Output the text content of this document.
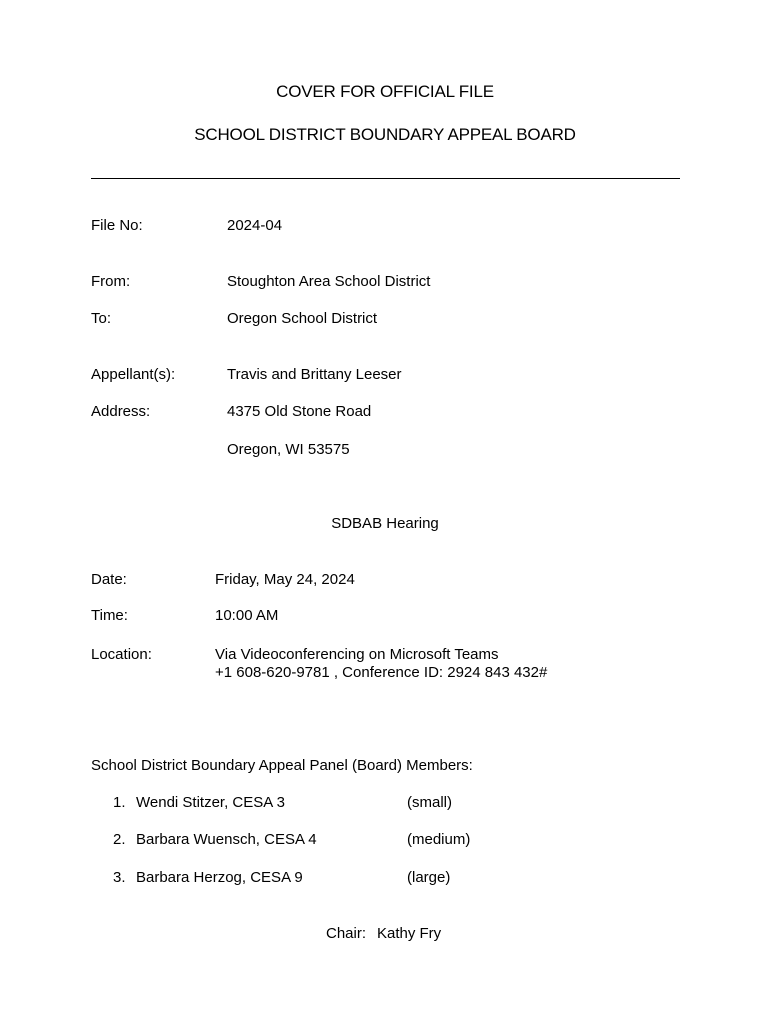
COVER FOR OFFICIAL FILE
SCHOOL DISTRICT BOUNDARY APPEAL BOARD
File No:	2024-04
From:	Stoughton Area School District
To:	Oregon School District
Appellant(s):	Travis and Brittany Leeser
Address:	4375 Old Stone Road
Oregon, WI 53575
SDBAB Hearing
Date:	Friday, May 24, 2024
Time:	10:00 AM
Location:	Via Videoconferencing on Microsoft Teams
+1 608-620-9781 , Conference ID: 2924 843 432#
School District Boundary Appeal Panel (Board) Members:
1. Wendi Stitzer, CESA 3	(small)
2. Barbara Wuensch, CESA 4	(medium)
3. Barbara Herzog, CESA 9	(large)
Chair: Kathy Fry
